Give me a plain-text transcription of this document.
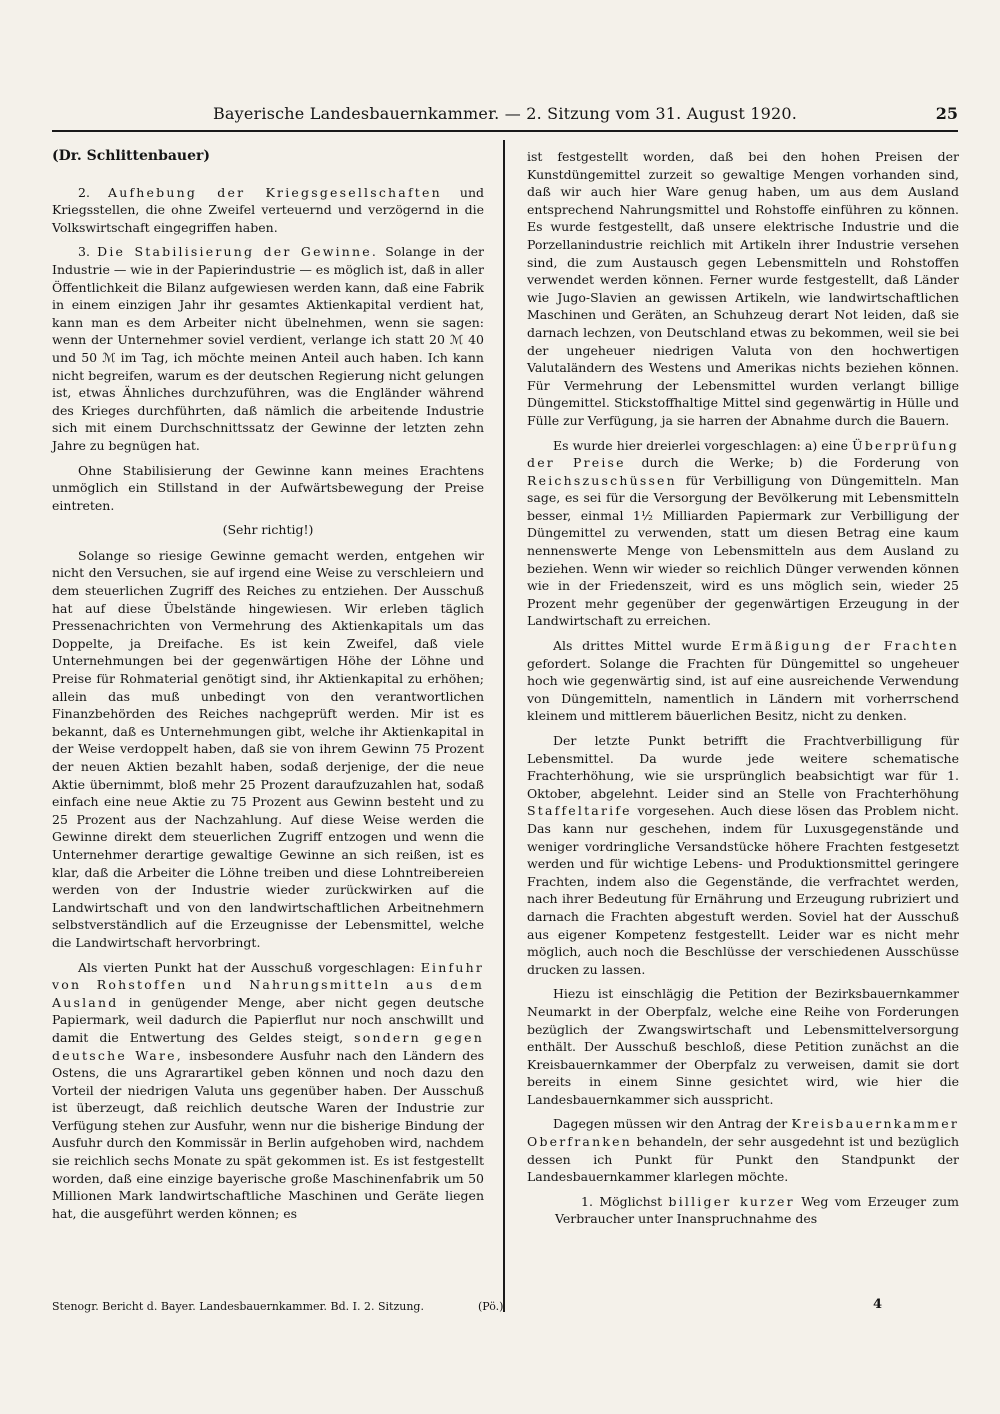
Bayerische Landesbauernkammer. — 2. Sitzung vom 31. August 1920.	25
(Dr. Schlittenbauer)

2. Aufhebung der Kriegsgesellschaften und Kriegsstellen, die ohne Zweifel verteuernd und verzögernd in die Volkswirtschaft eingegriffen haben.

3. Die Stabilisierung der Gewinne. Solange in der Industrie — wie in der Papierindustrie — es möglich ist, daß in aller Öffentlichkeit die Bilanz aufgewiesen werden kann, daß eine Fabrik in einem einzigen Jahr ihr gesamtes Aktienkapital verdient hat, kann man es dem Arbeiter nicht übelnehmen, wenn sie sagen: wenn der Unternehmer soviel verdient, verlange ich statt 20 ℳ 40 und 50 ℳ im Tag, ich möchte meinen Anteil auch haben. Ich kann nicht begreifen, warum es der deutschen Regierung nicht gelungen ist, etwas Ähnliches durchzuführen, was die Engländer während des Krieges durchführten, daß nämlich die arbeitende Industrie sich mit einem Durchschnittssatz der Gewinne der letzten zehn Jahre zu begnügen hat.

Ohne Stabilisierung der Gewinne kann meines Erachtens unmöglich ein Stillstand in der Aufwärtsbewegung der Preise eintreten.

(Sehr richtig!)

Solange so riesige Gewinne gemacht werden, entgehen wir nicht den Versuchen, sie auf irgend eine Weise zu verschleiern und dem steuerlichen Zugriff des Reiches zu entziehen. Der Ausschuß hat auf diese Übelstände hingewiesen. Wir erleben täglich Pressenachrichten von Vermehrung des Aktienkapitals um das Doppelte, ja Dreifache. Es ist kein Zweifel, daß viele Unternehmungen bei der gegenwärtigen Höhe der Löhne und Preise für Rohmaterial genötigt sind, ihr Aktienkapital zu erhöhen; allein das muß unbedingt von den verantwortlichen Finanzbehörden des Reiches nachgeprüft werden. Mir ist es bekannt, daß es Unternehmungen gibt, welche ihr Aktienkapital in der Weise verdoppelt haben, daß sie von ihrem Gewinn 75 Prozent der neuen Aktien bezahlt haben, sodaß derjenige, der die neue Aktie übernimmt, bloß mehr 25 Prozent daraufzuzahlen hat, sodaß einfach eine neue Aktie zu 75 Prozent aus Gewinn besteht und zu 25 Prozent aus der Nachzahlung. Auf diese Weise werden die Gewinne direkt dem steuerlichen Zugriff entzogen und wenn die Unternehmer derartige gewaltige Gewinne an sich reißen, ist es klar, daß die Arbeiter die Löhne treiben und diese Lohntreibereien werden von der Industrie wieder zurückwirken auf die Landwirtschaft und von den landwirtschaftlichen Arbeitnehmern selbstverständlich auf die Erzeugnisse der Lebensmittel, welche die Landwirtschaft hervorbringt.

Als vierten Punkt hat der Ausschuß vorgeschlagen: Einfuhr von Rohstoffen und Nahrungsmitteln aus dem Ausland in genügender Menge, aber nicht gegen deutsche Papiermark, weil dadurch die Papierflut nur noch anschwillt und damit die Entwertung des Geldes steigt, sondern gegen deutsche Ware, insbesondere Ausfuhr nach den Ländern des Ostens, die uns Agrarartikel geben können und noch dazu den Vorteil der niedrigen Valuta uns gegenüber haben. Der Ausschuß ist überzeugt, daß reichlich deutsche Waren der Industrie zur Verfügung stehen zur Ausfuhr, wenn nur die bisherige Bindung der Ausfuhr durch den Kommissär in Berlin aufgehoben wird, nachdem sie reichlich sechs Monate zu spät gekommen ist. Es ist festgestellt worden, daß eine einzige bayerische große Maschinenfabrik um 50 Millionen Mark landwirtschaftliche Maschinen und Geräte liegen hat, die ausgeführt werden können; es

ist festgestellt worden, daß bei den hohen Preisen der Kunstdüngemittel zurzeit so gewaltige Mengen vorhanden sind, daß wir auch hier Ware genug haben, um aus dem Ausland entsprechend Nahrungsmittel und Rohstoffe einführen zu können. Es wurde festgestellt, daß unsere elektrische Industrie und die Porzellanindustrie reichlich mit Artikeln ihrer Industrie versehen sind, die zum Austausch gegen Lebensmitteln und Rohstoffen verwendet werden können. Ferner wurde festgestellt, daß Länder wie Jugo-Slavien an gewissen Artikeln, wie landwirtschaftlichen Maschinen und Geräten, an Schuhzeug derart Not leiden, daß sie darnach lechzen, von Deutschland etwas zu bekommen, weil sie bei der ungeheuer niedrigen Valuta von den hochwertigen Valutaländern des Westens und Amerikas nichts beziehen können. Für Vermehrung der Lebensmittel wurden verlangt billige Düngemittel. Stickstoffhaltige Mittel sind gegenwärtig in Hülle und Fülle zur Verfügung, ja sie harren der Abnahme durch die Bauern.

Es wurde hier dreierlei vorgeschlagen: a) eine Überprüfung der Preise durch die Werke; b) die Forderung von Reichszuschüssen für Verbilligung von Düngemitteln. Man sage, es sei für die Versorgung der Bevölkerung mit Lebensmitteln besser, einmal 1½ Milliarden Papiermark zur Verbilligung der Düngemittel zu verwenden, statt um diesen Betrag eine kaum nennenswerte Menge von Lebensmitteln aus dem Ausland zu beziehen. Wenn wir wieder so reichlich Dünger verwenden können wie in der Friedenszeit, wird es uns möglich sein, wieder 25 Prozent mehr gegenüber der gegenwärtigen Erzeugung in der Landwirtschaft zu erreichen.

Als drittes Mittel wurde Ermäßigung der Frachten gefordert. Solange die Frachten für Düngemittel so ungeheuer hoch wie gegenwärtig sind, ist auf eine ausreichende Verwendung von Düngemitteln, namentlich in Ländern mit vorherrschend kleinem und mittlerem bäuerlichen Besitz, nicht zu denken.

Der letzte Punkt betrifft die Frachtverbilligung für Lebensmittel. Da wurde jede weitere schematische Frachterhöhung, wie sie ursprünglich beabsichtigt war für 1. Oktober, abgelehnt. Leider sind an Stelle von Frachterhöhung Staffeltarife vorgesehen. Auch diese lösen das Problem nicht. Das kann nur geschehen, indem für Luxusgegenstände und weniger vordringliche Versandstücke höhere Frachten festgesetzt werden und für wichtige Lebens- und Produktionsmittel geringere Frachten, indem also die Gegenstände, die verfrachtet werden, nach ihrer Bedeutung für Ernährung und Erzeugung rubriziert und darnach die Frachten abgestuft werden. Soviel hat der Ausschuß aus eigener Kompetenz festgestellt. Leider war es nicht mehr möglich, auch noch die Beschlüsse der verschiedenen Ausschüsse drucken zu lassen.

Hiezu ist einschlägig die Petition der Bezirksbauernkammer Neumarkt in der Oberpfalz, welche eine Reihe von Forderungen bezüglich der Zwangswirtschaft und Lebensmittelversorgung enthält. Der Ausschuß beschloß, diese Petition zunächst an die Kreisbauernkammer der Oberpfalz zu verweisen, damit sie dort bereits in einem Sinne gesichtet wird, wie hier die Landesbauernkammer sich ausspricht.

Dagegen müssen wir den Antrag der Kreisbauernkammer Oberfranken behandeln, der sehr ausgedehnt ist und bezüglich dessen ich Punkt für Punkt den Standpunkt der Landesbauernkammer klarlegen möchte.

1. Möglichst billiger kurzer Weg vom Erzeuger zum Verbraucher unter Inanspruchnahme des

Stenogr. Bericht d. Bayer. Landesbauernkammer. Bd. I. 2. Sitzung.	(Pö.)	4
